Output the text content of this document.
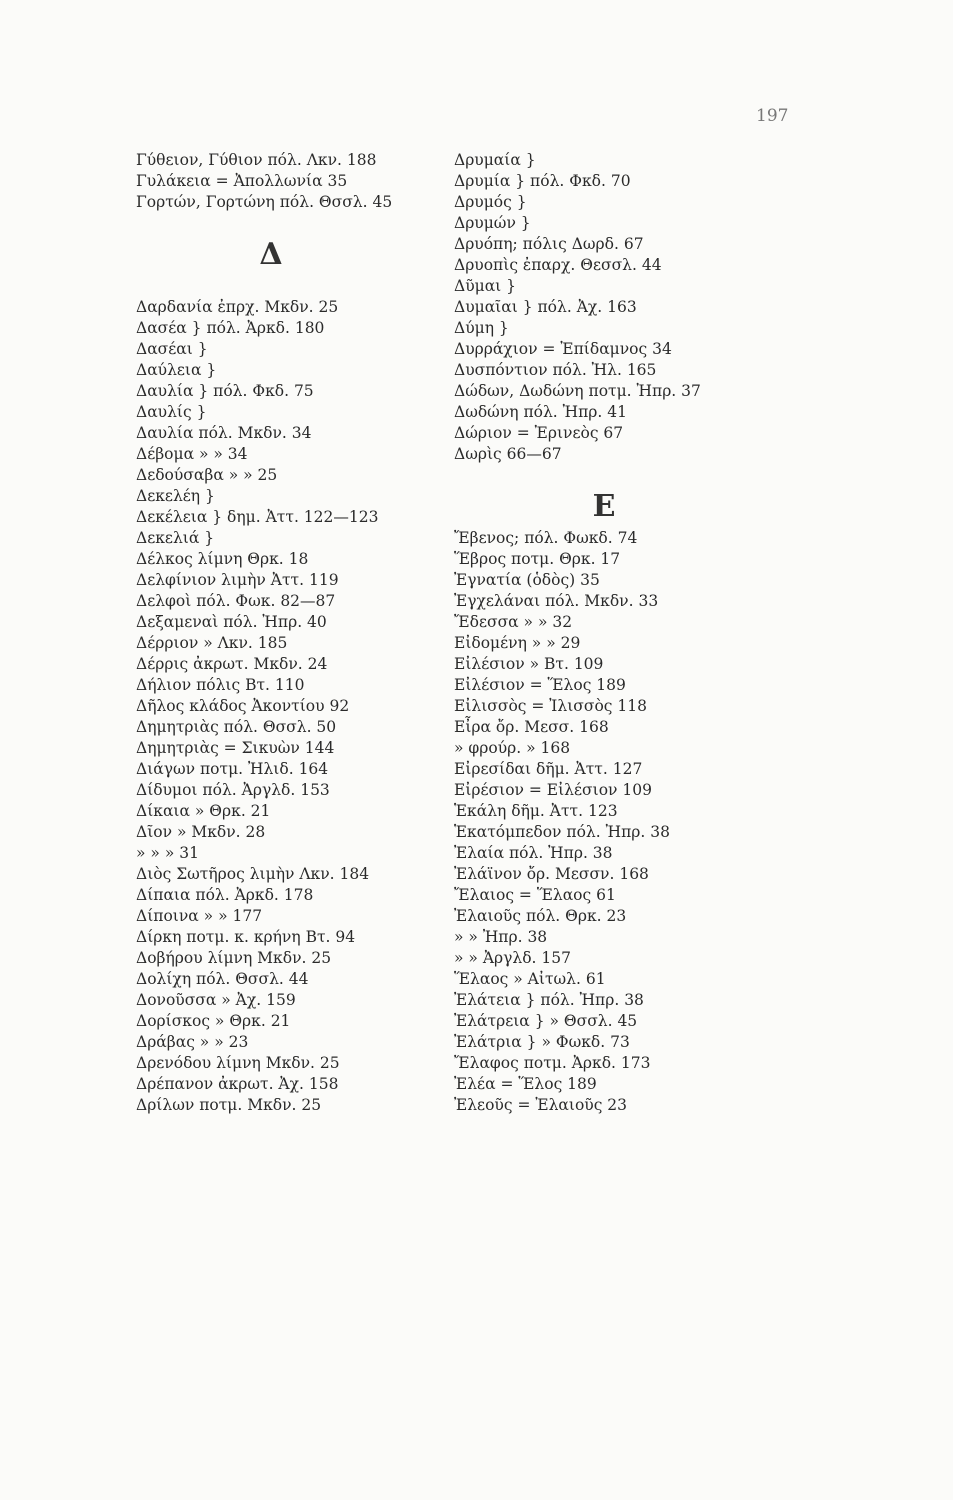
197
Γύθειον, Γύθιον πόλ. Λκν. 188
Γυλάκεια = Ἀπολλωνία 35
Γορτών, Γορτώνη πόλ. Θσσλ. 45
Δ
Δαρδανία ἐπρχ. Μκδν. 25
Δασέα } πόλ. Ἀρκδ. 180
Δασέαι }
Δαύλεια }
Δαυλία } πόλ. Φκδ. 75
Δαυλίς }
Δαυλία πόλ. Μκδν. 34
Δέβομα » » 34
Δεδούσαβα » » 25
Δεκελέη }
Δεκέλεια } δημ. Ἀττ. 122—123
Δεκελιά }
Δέλκος λίμνη Θρκ. 18
Δελφίνιον λιμὴν Ἀττ. 119
Δελφοὶ πόλ. Φωκ. 82—87
Δεξαμεναὶ πόλ. Ἠπρ. 40
Δέρριον » Λκν. 185
Δέρρις ἀκρωτ. Μκδν. 24
Δήλιον πόλις Βτ. 110
Δῆλος κλάδος Ἀκοντίου 92
Δημητριὰς πόλ. Θσσλ. 50
Δημητριὰς = Σικυὼν 144
Διάγων ποτμ. Ἠλιδ. 164
Δίδυμοι πόλ. Ἀργλδ. 153
Δίκαια » Θρκ. 21
Δῖον » Μκδν. 28
» » » 31
Διὸς Σωτῆρος λιμὴν Λκν. 184
Δίπαια πόλ. Ἀρκδ. 178
Δίποινα » » 177
Δίρκη ποτμ. κ. κρήνη Βτ. 94
Δοβήρου λίμνη Μκδν. 25
Δολίχη πόλ. Θσσλ. 44
Δονοῦσσα » Ἀχ. 159
Δορίσκος » Θρκ. 21
Δράβας » » 23
Δρενόδου λίμνη Μκδν. 25
Δρέπανον ἀκρωτ. Ἀχ. 158
Δρίλων ποτμ. Μκδν. 25
Δρυμαία }
Δρυμία } πόλ. Φκδ. 70
Δρυμός }
Δρυμών }
Δρυόπη; πόλις Δωρδ. 67
Δρυοπὶς ἐπαρχ. Θεσσλ. 44
Δῦμαι }
Δυμαῖαι } πόλ. Ἀχ. 163
Δύμη }
Δυρράχιον = Ἐπίδαμνος 34
Δυσπόντιον πόλ. Ἠλ. 165
Δώδων, Δωδώνη ποτμ. Ἠπρ. 37
Δωδώνη πόλ. Ἠπρ. 41
Δώριον = Ἐρινεὸς 67
Δωρὶς 66—67
Ε
Ἔβενος; πόλ. Φωκδ. 74
Ἕβρος ποτμ. Θρκ. 17
Ἐγνατία (ὁδὸς) 35
Ἐγχελάναι πόλ. Μκδν. 33
Ἔδεσσα » » 32
Εἰδομένη » » 29
Εἰλέσιον » Βτ. 109
Εἰλέσιον = Ἕλος 189
Εἰλισσὸς = Ἰλισσὸς 118
Εἶρα ὄρ. Μεσσ. 168
» φρούρ. » 168
Εἰρεσίδαι δῆμ. Ἀττ. 127
Εἰρέσιον = Εἰλέσιον 109
Ἑκάλη δῆμ. Ἀττ. 123
Ἑκατόμπεδον πόλ. Ἠπρ. 38
Ἐλαία πόλ. Ἠπρ. 38
Ἐλάϊνον ὄρ. Μεσσν. 168
Ἔλαιος = Ἕλαος 61
Ἐλαιοῦς πόλ. Θρκ. 23
» » Ἠπρ. 38
» » Ἀργλδ. 157
Ἕλαος » Αἰτωλ. 61
Ἐλάτεια } πόλ. Ἠπρ. 38
Ἐλάτρεια } » Θσσλ. 45
Ἐλάτρια } » Φωκδ. 73
Ἔλαφος ποτμ. Ἀρκδ. 173
Ἐλέα = Ἕλος 189
Ἐλεοῦς = Ἐλαιοῦς 23
